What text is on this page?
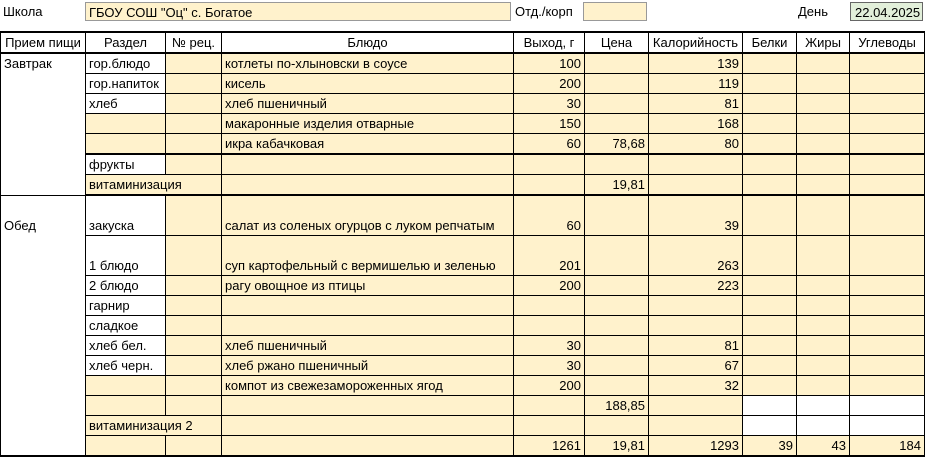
Школа	ГБОУ СОШ "Оц" с. Богатое	Отд./корп	День	22.04.2025
Прием пищи	Раздел	№ рец.	Блюдо	Выход, г	Цена	Калорийность	Белки	Жиры	Углеводы
Завтрак	гор.блюдо		котлеты по-хлыновски в соусе	100		139			
	гор.напиток		кисель	200		119			
	хлеб		хлеб пшеничный	30		81			
			макаронные изделия отварные	150		168			
			икра кабачковая	60	78,68	80			
	фрукты								
	витаминизация				19,81				
Обед	закуска		салат из соленых огурцов с луком репчатым	60		39			
	1 блюдо		суп картофельный с вермишелью и зеленью	201		263			
	2 блюдо		рагу овощное из птицы	200		223			
	гарнир								
	сладкое								
	хлеб бел.		хлеб пшеничный	30		81			
	хлеб черн.		хлеб ржано пшеничный	30		67			
			компот из свежезамороженных ягод	200		32			
					188,85				
	витаминизация 2								
				1261	19,81	1293	39	43	184
